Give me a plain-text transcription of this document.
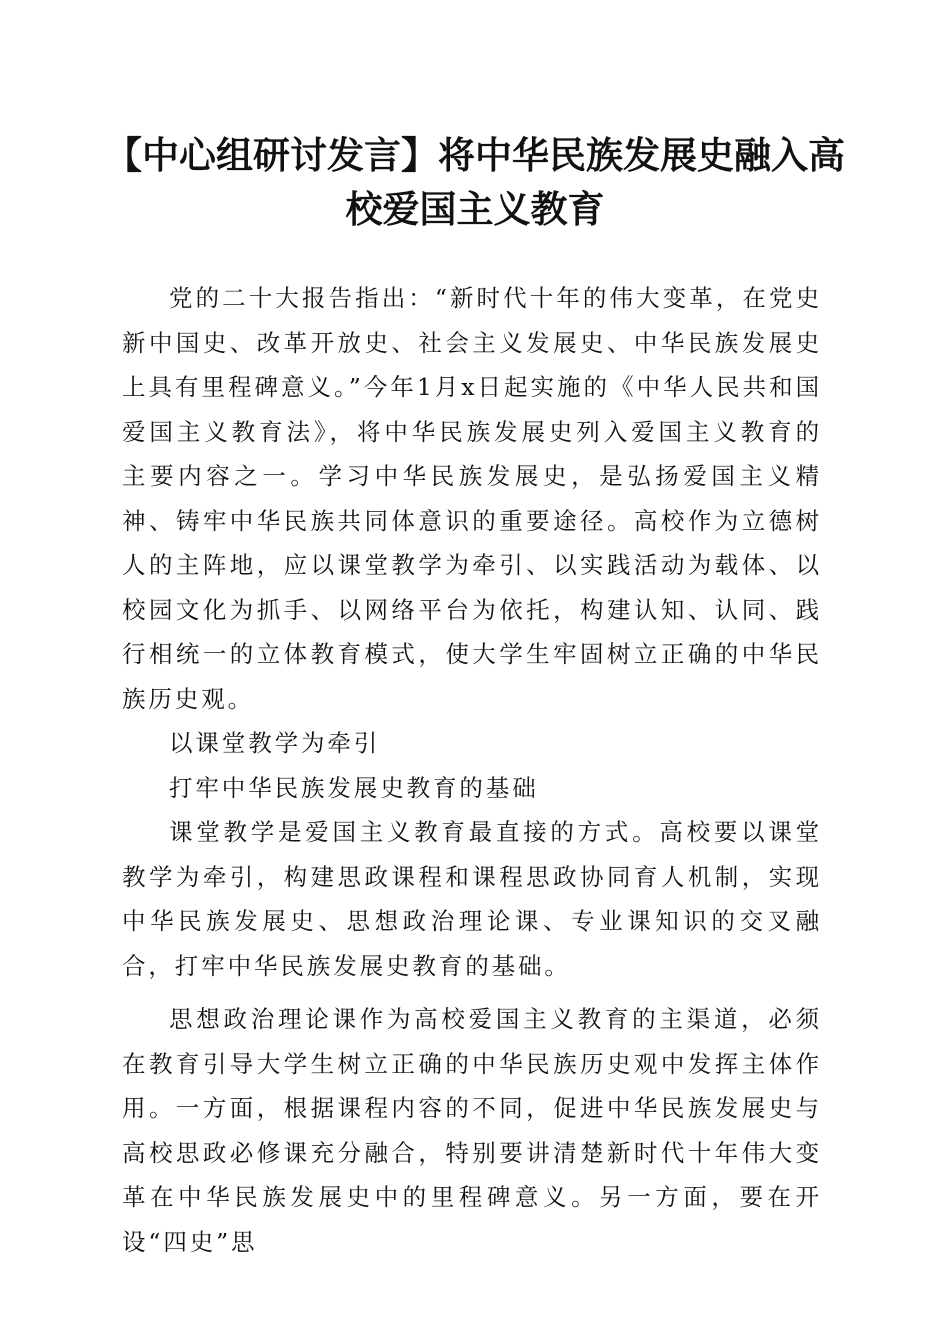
【中心组研讨发言】将中华民族发展史融入高
校爱国主义教育

党的二十大报告指出：“新时代十年的伟大变革，在党史新中国史、改革开放史、社会主义发展史、中华民族发展史上具有里程碑意义。”今年1月x日起实施的《中华人民共和国爱国主义教育法》，将中华民族发展史列入爱国主义教育的主要内容之一。学习中华民族发展史，是弘扬爱国主义精神、铸牢中华民族共同体意识的重要途径。高校作为立德树人的主阵地，应以课堂教学为牵引、以实践活动为载体、以校园文化为抓手、以网络平台为依托，构建认知、认同、践行相统一的立体教育模式，使大学生牢固树立正确的中华民族历史观。

以课堂教学为牵引

打牢中华民族发展史教育的基础

课堂教学是爱国主义教育最直接的方式。高校要以课堂教学为牵引，构建思政课程和课程思政协同育人机制，实现中华民族发展史、思想政治理论课、专业课知识的交叉融合，打牢中华民族发展史教育的基础。

思想政治理论课作为高校爱国主义教育的主渠道，必须在教育引导大学生树立正确的中华民族历史观中发挥主体作用。一方面，根据课程内容的不同，促进中华民族发展史与高校思政必修课充分融合，特别要讲清楚新时代十年伟大变革在中华民族发展史中的里程碑意义。另一方面，要在开设“四史”思
